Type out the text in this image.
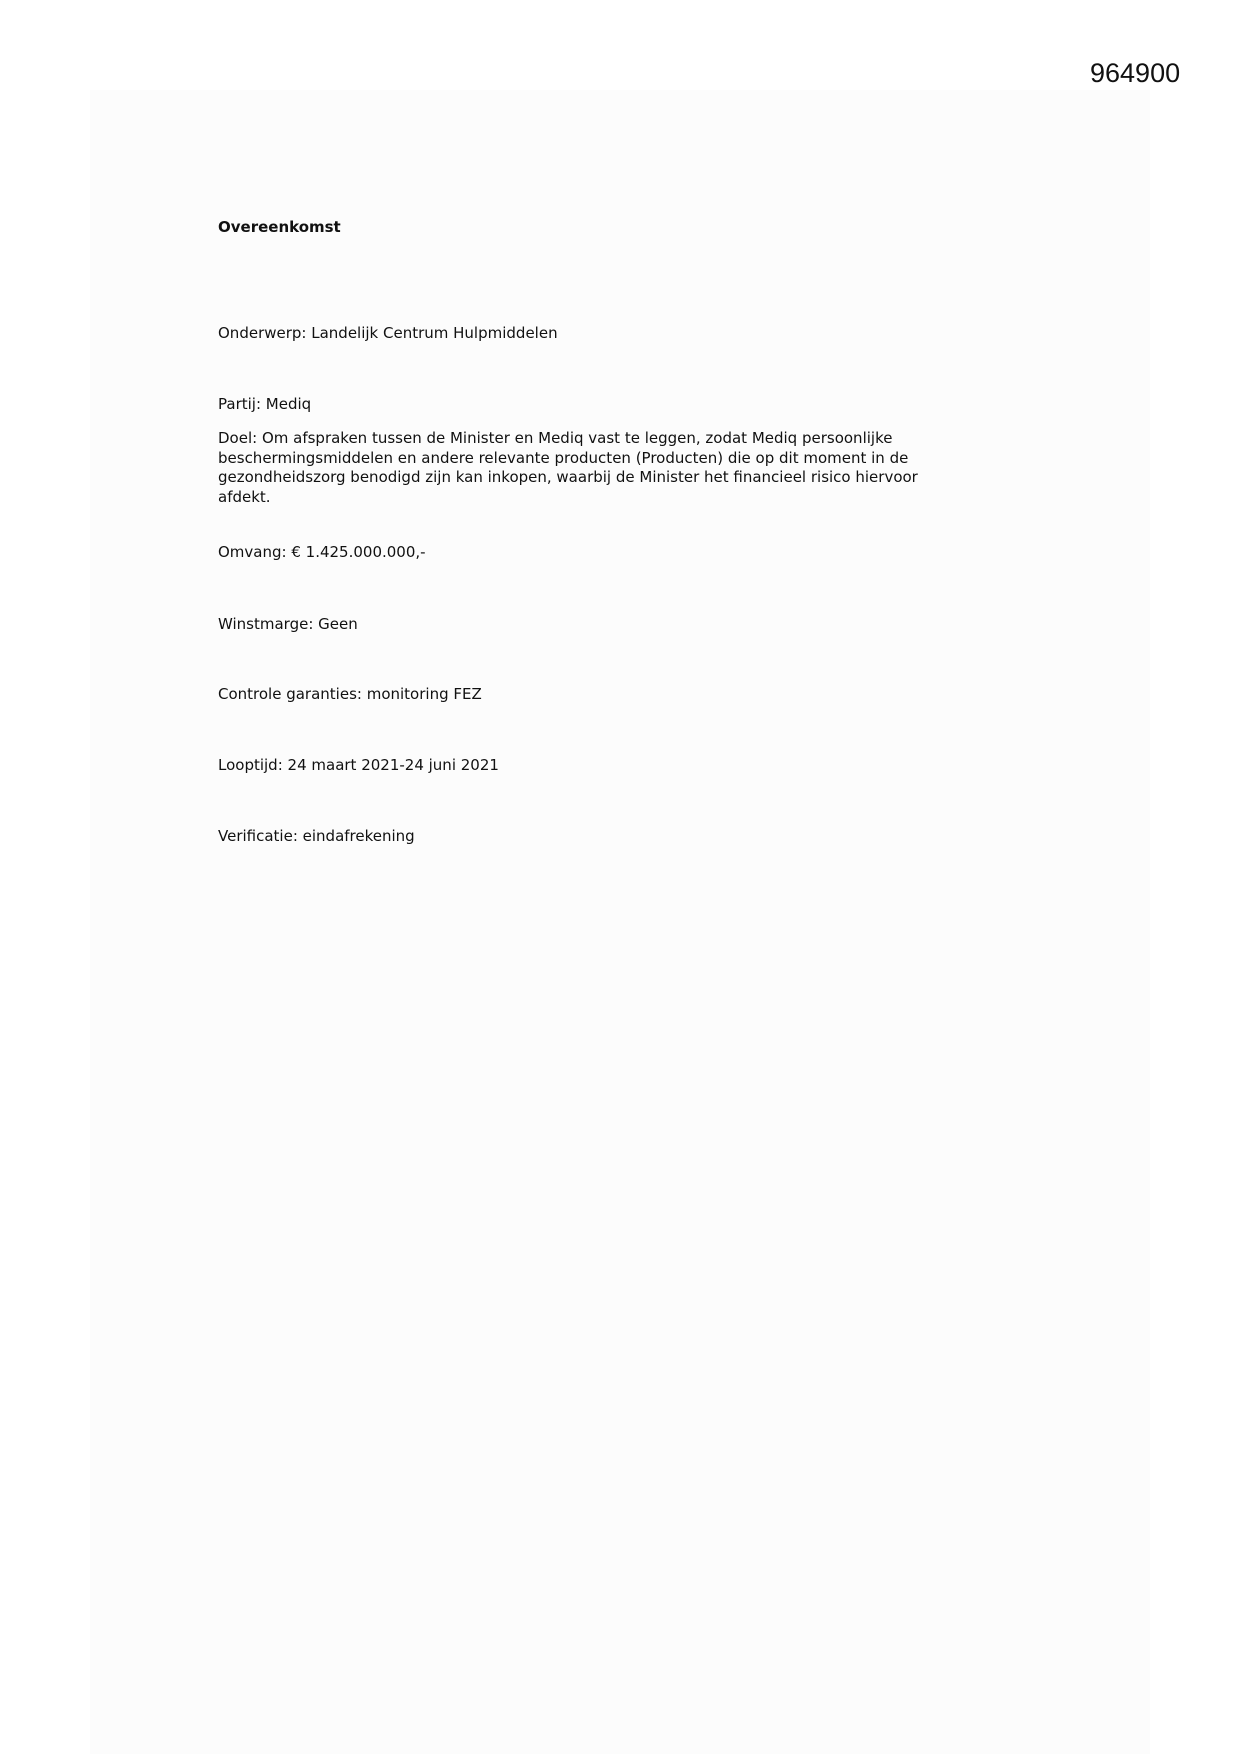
964900
Overeenkomst
Onderwerp: Landelijk Centrum Hulpmiddelen
Partij: Mediq
Doel: Om afspraken tussen de Minister en Mediq vast te leggen, zodat Mediq persoonlijke
beschermingsmiddelen en andere relevante producten (Producten) die op dit moment in de
gezondheidszorg benodigd zijn kan inkopen, waarbij de Minister het financieel risico hiervoor
afdekt.
Omvang: € 1.425.000.000,-
Winstmarge: Geen
Controle garanties: monitoring FEZ
Looptijd: 24 maart 2021-24 juni 2021
Verificatie: eindafrekening
